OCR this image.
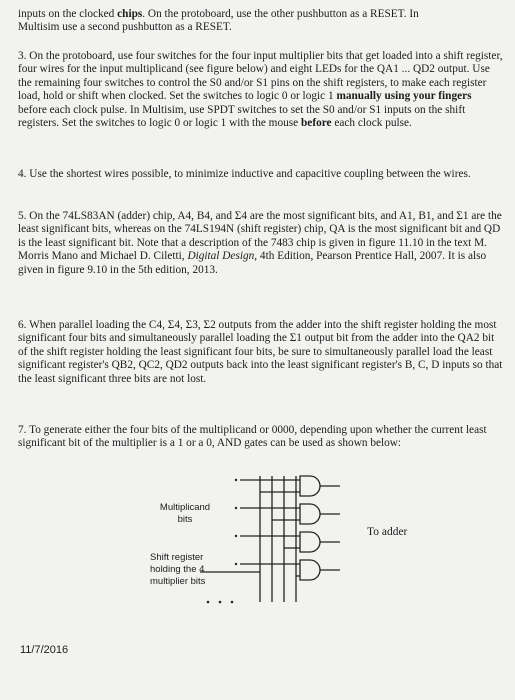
inputs on the clocked chips. On the protoboard, use the other pushbutton as a RESET. In

Multisim use a second pushbutton as a RESET.

3. On the protoboard, use four switches for the four input multiplier bits that get loaded into a shift register, four wires for the input multiplicand (see figure below) and eight LEDs for the QA1 ... QD2 output. Use the remaining four switches to control the S0 and/or S1 pins on the shift registers, to make each register load, hold or shift when clocked. Set the switches to logic 0 or logic 1 manually using your fingers before each clock pulse. In Multisim, use SPDT switches to set the S0 and/or S1 inputs on the shift registers. Set the switches to logic 0 or logic 1 with the mouse before each clock pulse.

4. Use the shortest wires possible, to minimize inductive and capacitive coupling between the wires.

5. On the 74LS83AN (adder) chip, A4, B4, and Σ4 are the most significant bits, and A1, B1, and Σ1 are the least significant bits, whereas on the 74LS194N (shift register) chip, QA is the most significant bit and QD is the least significant bit. Note that a description of the 7483 chip is given in figure 11.10 in the text M. Morris Mano and Michael D. Ciletti, Digital Design, 4th Edition, Pearson Prentice Hall, 2007. It is also given in figure 9.10 in the 5th edition, 2013.

6. When parallel loading the C4, Σ4, Σ3, Σ2 outputs from the adder into the shift register holding the most significant four bits and simultaneously parallel loading the Σ1 output bit from the adder into the QA2 bit of the shift register holding the least significant four bits, be sure to simultaneously parallel load the least significant register's QB2, QC2, QD2 outputs back into the least significant register's B, C, D inputs so that the least significant three bits are not lost.

7. To generate either the four bits of the multiplicand or 0000, depending upon whether the current least significant bit of the multiplier is a 1 or a 0, AND gates can be used as shown below:

Multiplicand
bits
Shift register
holding the 4
multiplier bits
To adder
11/7/2016
